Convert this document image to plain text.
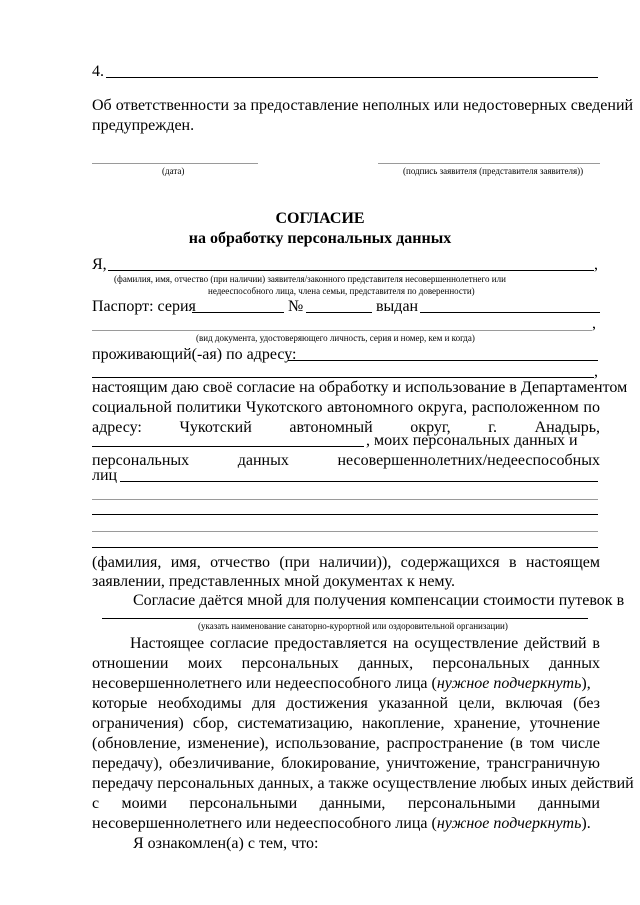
4.
Об ответственности за предоставление неполных или недостоверных сведений
предупрежден.
(дата)	(подпись заявителя (представителя заявителя))
СОГЛАСИЕ
на обработку персональных данных
Я,	,
(фамилия, имя, отчество (при наличии) заявителя/законного представителя несовершеннолетнего или
недееспособного лица, члена семьи, представителя по доверенности)
Паспорт: серия	№	выдан
,
(вид документа, удостоверяющего личность, серия и номер, кем и когда)
проживающий(-ая) по адресу:
,
настоящим даю своё согласие на обработку и использование в Департаментом
социальной политики Чукотского автономного округа, расположенном по
адресу: Чукотский автономный округ, г. Анадырь,
, моих персональных данных и
персональных	данных	несовершеннолетних/недееспособных
лиц
(фамилия, имя, отчество (при наличии)), содержащихся в настоящем
заявлении, представленных мной документах к нему.
Согласие даётся мной для получения компенсации стоимости путевок в
(указать наименование санаторно-курортной или оздоровительной организации)
Настоящее согласие предоставляется на осуществление действий в
отношении моих персональных данных, персональных данных
несовершеннолетнего или недееспособного лица (нужное подчеркнуть),
которые необходимы для достижения указанной цели, включая (без
ограничения) сбор, систематизацию, накопление, хранение, уточнение
(обновление, изменение), использование, распространение (в том числе
передачу), обезличивание, блокирование, уничтожение, трансграничную
передачу персональных данных, а также осуществление любых иных действий
с моими персональными данными, персональными данными
несовершеннолетнего или недееспособного лица (нужное подчеркнуть).
Я ознакомлен(а) с тем, что:
